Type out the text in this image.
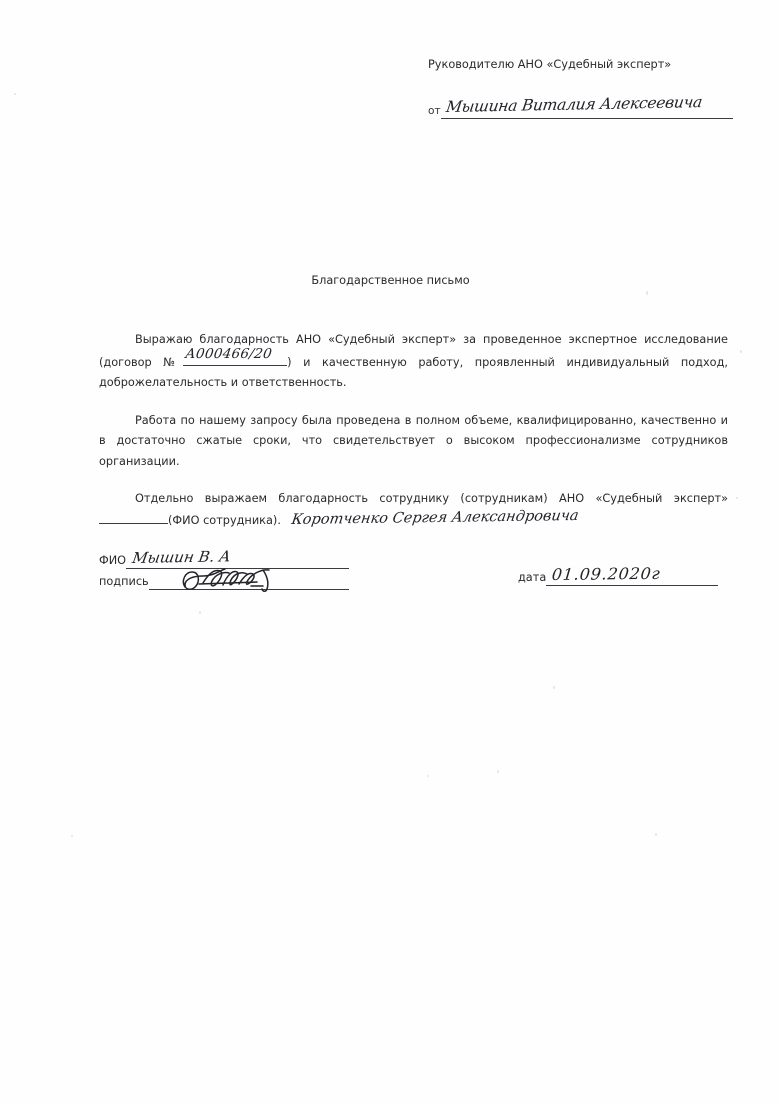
Руководителю АНО «Судебный эксперт»
от Мышина Виталия Алексеевича
Благодарственное письмо

Выражаю благодарность АНО «Судебный эксперт» за проведенное экспертное исследование (договор № А000466/20 ) и качественную работу, проявленный индивидуальный подход, доброжелательность и ответственность.

Работа по нашему запросу была проведена в полном объеме, квалифицированно, качественно и в достаточно сжатые сроки, что свидетельствует о высоком профессионализме сотрудников организации.

Отдельно выражаем благодарность сотруднику (сотрудникам) АНО «Судебный эксперт» (ФИО сотрудника). Коротченко Сергея Александровича

ФИО Мышин В. А
подпись	дата 01.09.2020г
